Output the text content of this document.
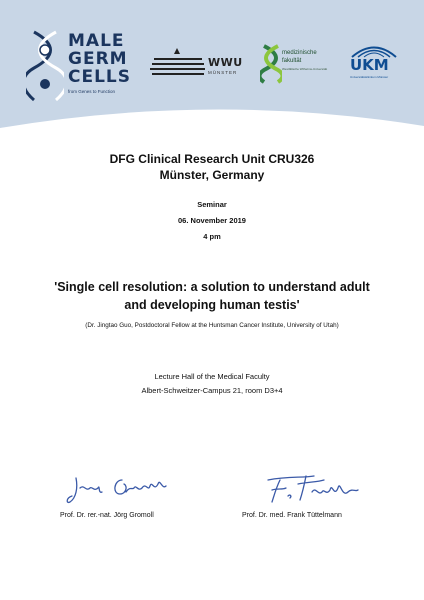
MALE
GERM
CELLS
from Genes to Function
WWU
MÜNSTER
medizinische
fakultät
Westfälische Wilhelms-Universität UKM
Universitätsklinikum Münster
DFG Clinical Research Unit CRU326
Münster, Germany
Seminar
06. November 2019
4 pm
'Single cell resolution: a solution to understand adult
and developing human testis'
(Dr. Jingtao Guo, Postdoctoral Fellow at the Huntsman Cancer Institute, University of Utah)
Lecture Hall of the Medical Faculty
Albert-Schweitzer-Campus 21, room D3+4
Prof. Dr. rer.-nat. Jörg Gromoll	Prof. Dr. med. Frank Tüttelmann
